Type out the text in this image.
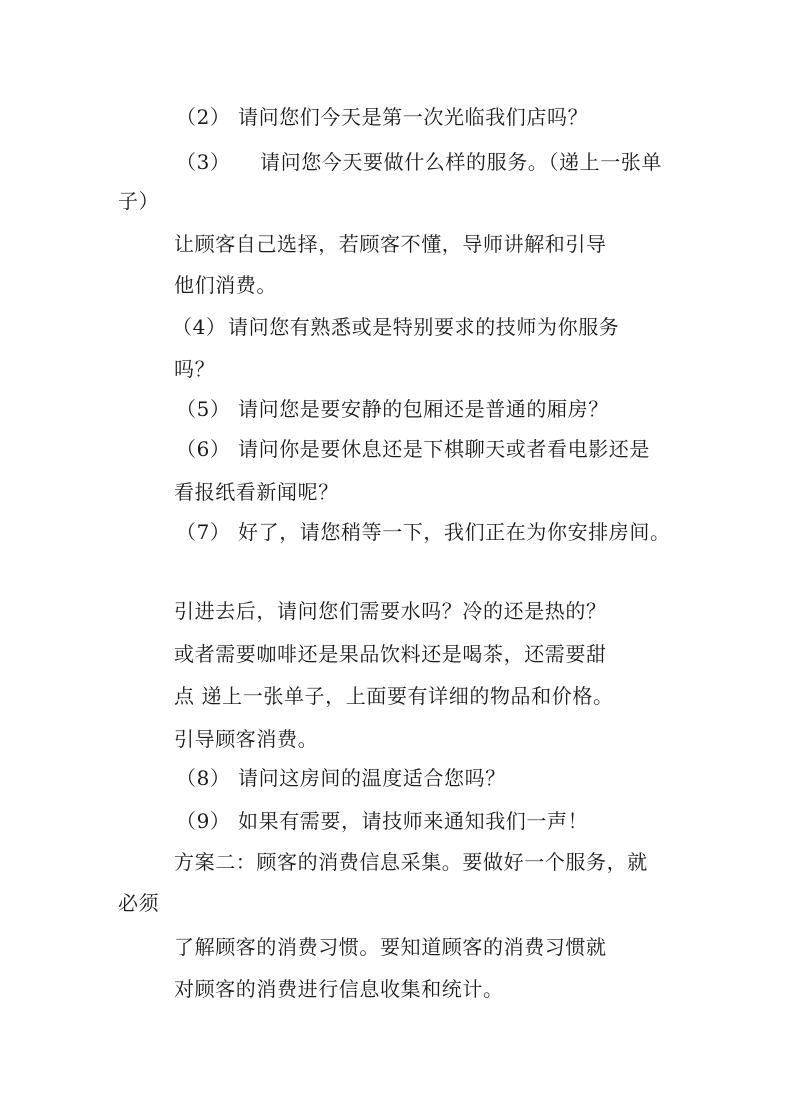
（2） 请问您们今天是第一次光临我们店吗？
（3） 请问您今天要做什么样的服务。（递上一张单
子）
让顾客自己选择，若顾客不懂，导师讲解和引导
他们消费。
（4）请问您有熟悉或是特别要求的技师为你服务
吗？
（5） 请问您是要安静的包厢还是普通的厢房？
（6） 请问你是要休息还是下棋聊天或者看电影还是
看报纸看新闻呢？
（7） 好了，请您稍等一下，我们正在为你安排房间。
引进去后，请问您们需要水吗？冷的还是热的？
或者需要咖啡还是果品饮料还是喝茶，还需要甜
点 递上一张单子，上面要有详细的物品和价格。
引导顾客消费。
（8） 请问这房间的温度适合您吗？
（9） 如果有需要，请技师来通知我们一声！
方案二：顾客的消费信息采集。要做好一个服务，就
必须
了解顾客的消费习惯。要知道顾客的消费习惯就
对顾客的消费进行信息收集和统计。
